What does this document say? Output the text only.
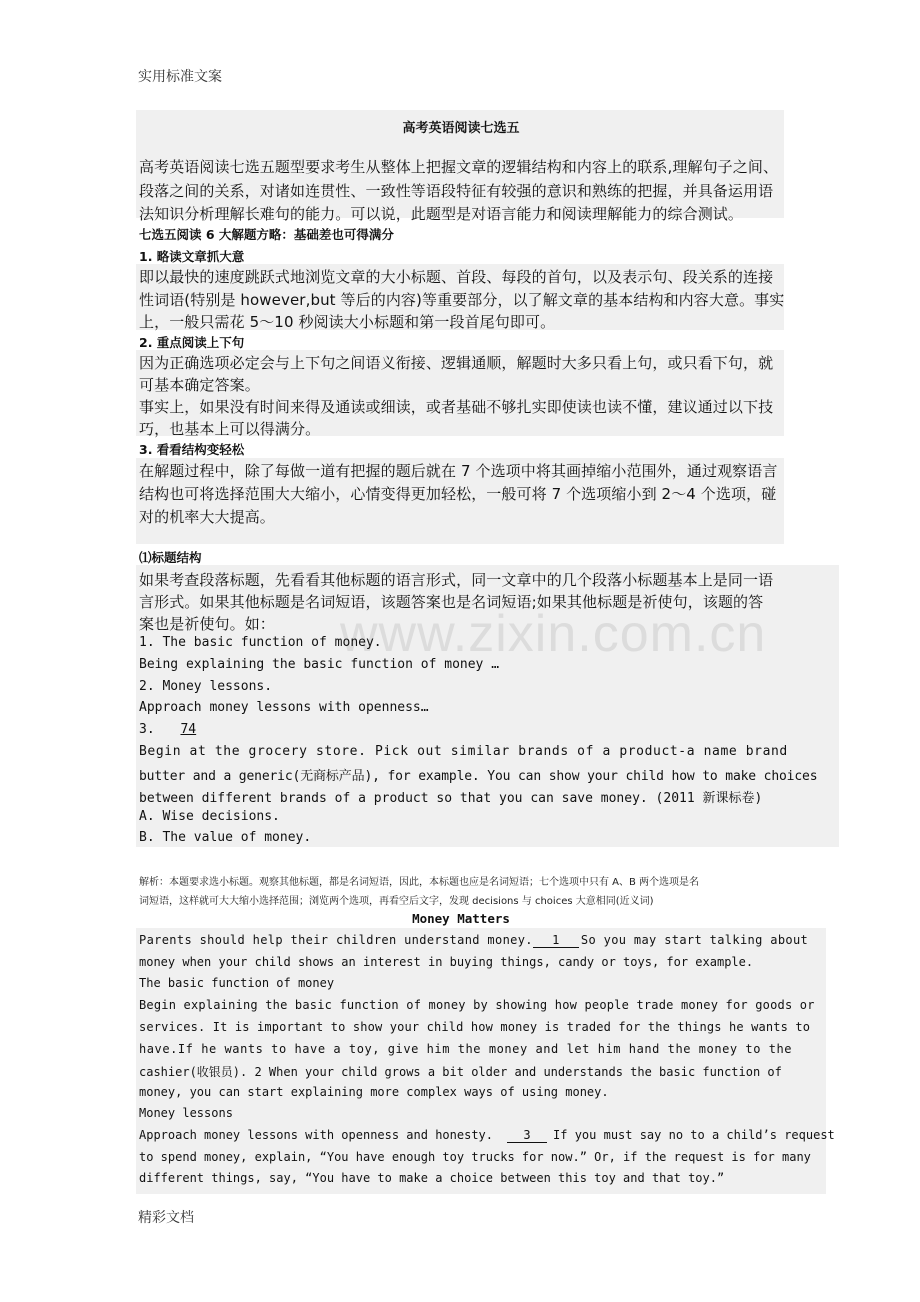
实用标准文案
www.zixin.com.cn
高考英语阅读七选五
高考英语阅读七选五题型要求考生从整体上把握文章的逻辑结构和内容上的联系,理解句子之间、
段落之间的关系，对诸如连贯性、一致性等语段特征有较强的意识和熟练的把握，并具备运用语
法知识分析理解长难句的能力。可以说，此题型是对语言能力和阅读理解能力的综合测试。
七选五阅读 6 大解题方略：基础差也可得满分
1. 略读文章抓大意
即以最快的速度跳跃式地浏览文章的大小标题、首段、每段的首句，以及表示句、段关系的连接
性词语(特别是 however,but 等后的内容)等重要部分，以了解文章的基本结构和内容大意。事实
上，一般只需花 5～10 秒阅读大小标题和第一段首尾句即可。
2. 重点阅读上下句
因为正确选项必定会与上下句之间语义衔接、逻辑通顺，解题时大多只看上句，或只看下句，就
可基本确定答案。
事实上，如果没有时间来得及通读或细读，或者基础不够扎实即使读也读不懂，建议通过以下技
巧，也基本上可以得满分。
3. 看看结构变轻松
在解题过程中，除了每做一道有把握的题后就在 7 个选项中将其画掉缩小范围外，通过观察语言
结构也可将选择范围大大缩小，心情变得更加轻松，一般可将 7 个选项缩小到 2～4 个选项，碰
对的机率大大提高。
⑴标题结构
如果考查段落标题，先看看其他标题的语言形式，同一文章中的几个段落小标题基本上是同一语
言形式。如果其他标题是名词短语，该题答案也是名词短语;如果其他标题是祈使句，该题的答
案也是祈使句。如：
1. The basic function of money.
Being explaining the basic function of money …
2. Money lessons.
Approach money lessons with openness…
3. 74
Begin at the grocery store. Pick out similar brands of a product-a name brand
butter and a generic(无商标产品), for example. You can show your child how to make choices
between different brands of a product so that you can save money. (2011 新课标卷)
A. Wise decisions.
B. The value of money.
解析：本题要求选小标题。观察其他标题，都是名词短语，因此，本标题也应是名词短语；七个选项中只有 A、B 两个选项是名
词短语，这样就可大大缩小选择范围；浏览两个选项，再看空后文字，发现 decisions 与 choices 大意相同(近义词)
Money Matters
Parents should help their children understand money. 1 So you may start talking about
money when your child shows an interest in buying things, candy or toys, for example.
The basic function of money
Begin explaining the basic function of money by showing how people trade money for goods or
services. It is important to show your child how money is traded for the things he wants to
have.If he wants to have a toy, give him the money and let him hand the money to the
cashier(收银员). 2 When your child grows a bit older and understands the basic function of
money, you can start explaining more complex ways of using money.
Money lessons
Approach money lessons with openness and honesty.	3 If you must say no to a child’s request
to spend money, explain, “You have enough toy trucks for now.” Or, if the request is for many
different things, say, “You have to make a choice between this toy and that toy.”
精彩文档
